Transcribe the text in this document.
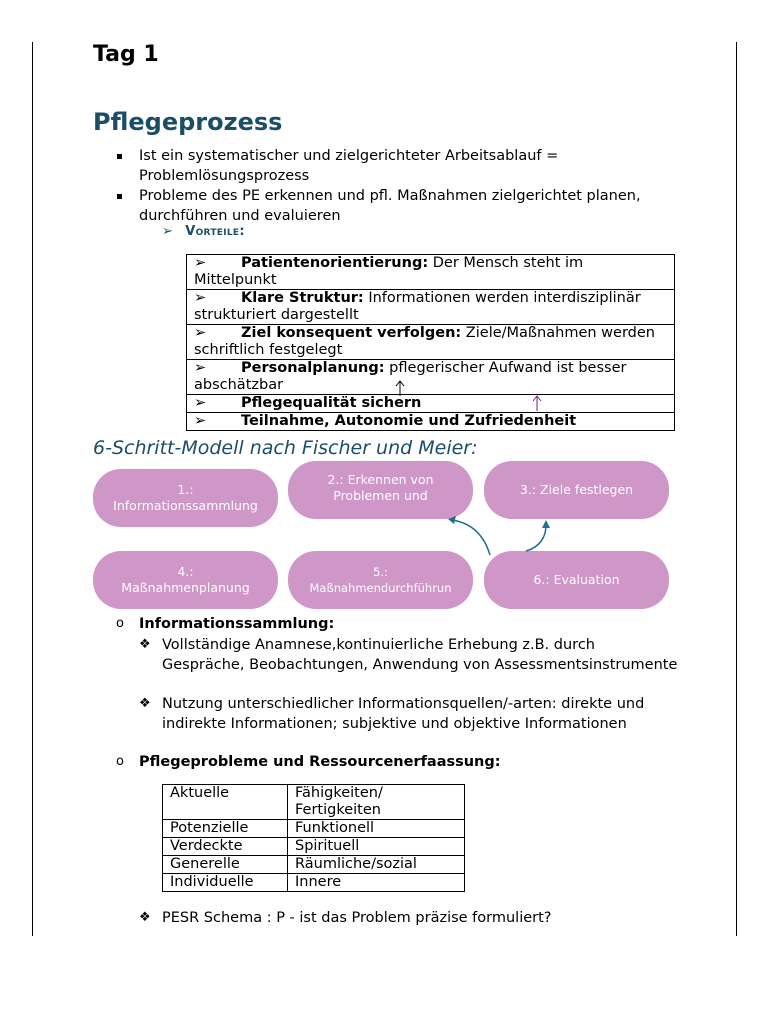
Tag 1
Pflegeprozess
Ist ein systematischer und zielgerichteter Arbeitsablauf = Problemlösungsprozess
Probleme des PE erkennen und pfl. Maßnahmen zielgerichtet planen, durchführen und evaluieren
➢ Vorteile:
➢ Patientenorientierung: Der Mensch steht im Mittelpunkt
➢ Klare Struktur: Informationen werden interdisziplinär strukturiert dargestellt
➢ Ziel konsequent verfolgen: Ziele/Maßnahmen werden schriftlich festgelegt
➢ Personalplanung: pflegerischer Aufwand ist besser abschätzbar

➢ Pflegequalität sichern

➢ Teilnahme, Autonomie und Zufriedenheit
6-Schritt-Modell nach Fischer und Meier:
1.:
Informationssammlung
2.: Erkennen von
Problemen und	3.: Ziele festlegen
4.:
Maßnahmenplanung
5.:
Maßnahmendurchführun
6.: Evaluation
o Informationssammlung:
❖ Vollständige Anamnese,kontinuierliche Erhebung z.B. durch Gespräche, Beobachtungen, Anwendung von Assessmentsinstrumente
❖ Nutzung unterschiedlicher Informationsquellen/-arten: direkte und indirekte Informationen; subjektive und objektive Informationen
o Pflegeprobleme und Ressourcenerfaassung:
Aktuelle	Fähigkeiten/ Fertigkeiten
Potenzielle	Funktionell
Verdeckte	Spirituell
Generelle	Räumliche/sozial
Individuelle	Innere
❖ PESR Schema : P - ist das Problem präzise formuliert?
